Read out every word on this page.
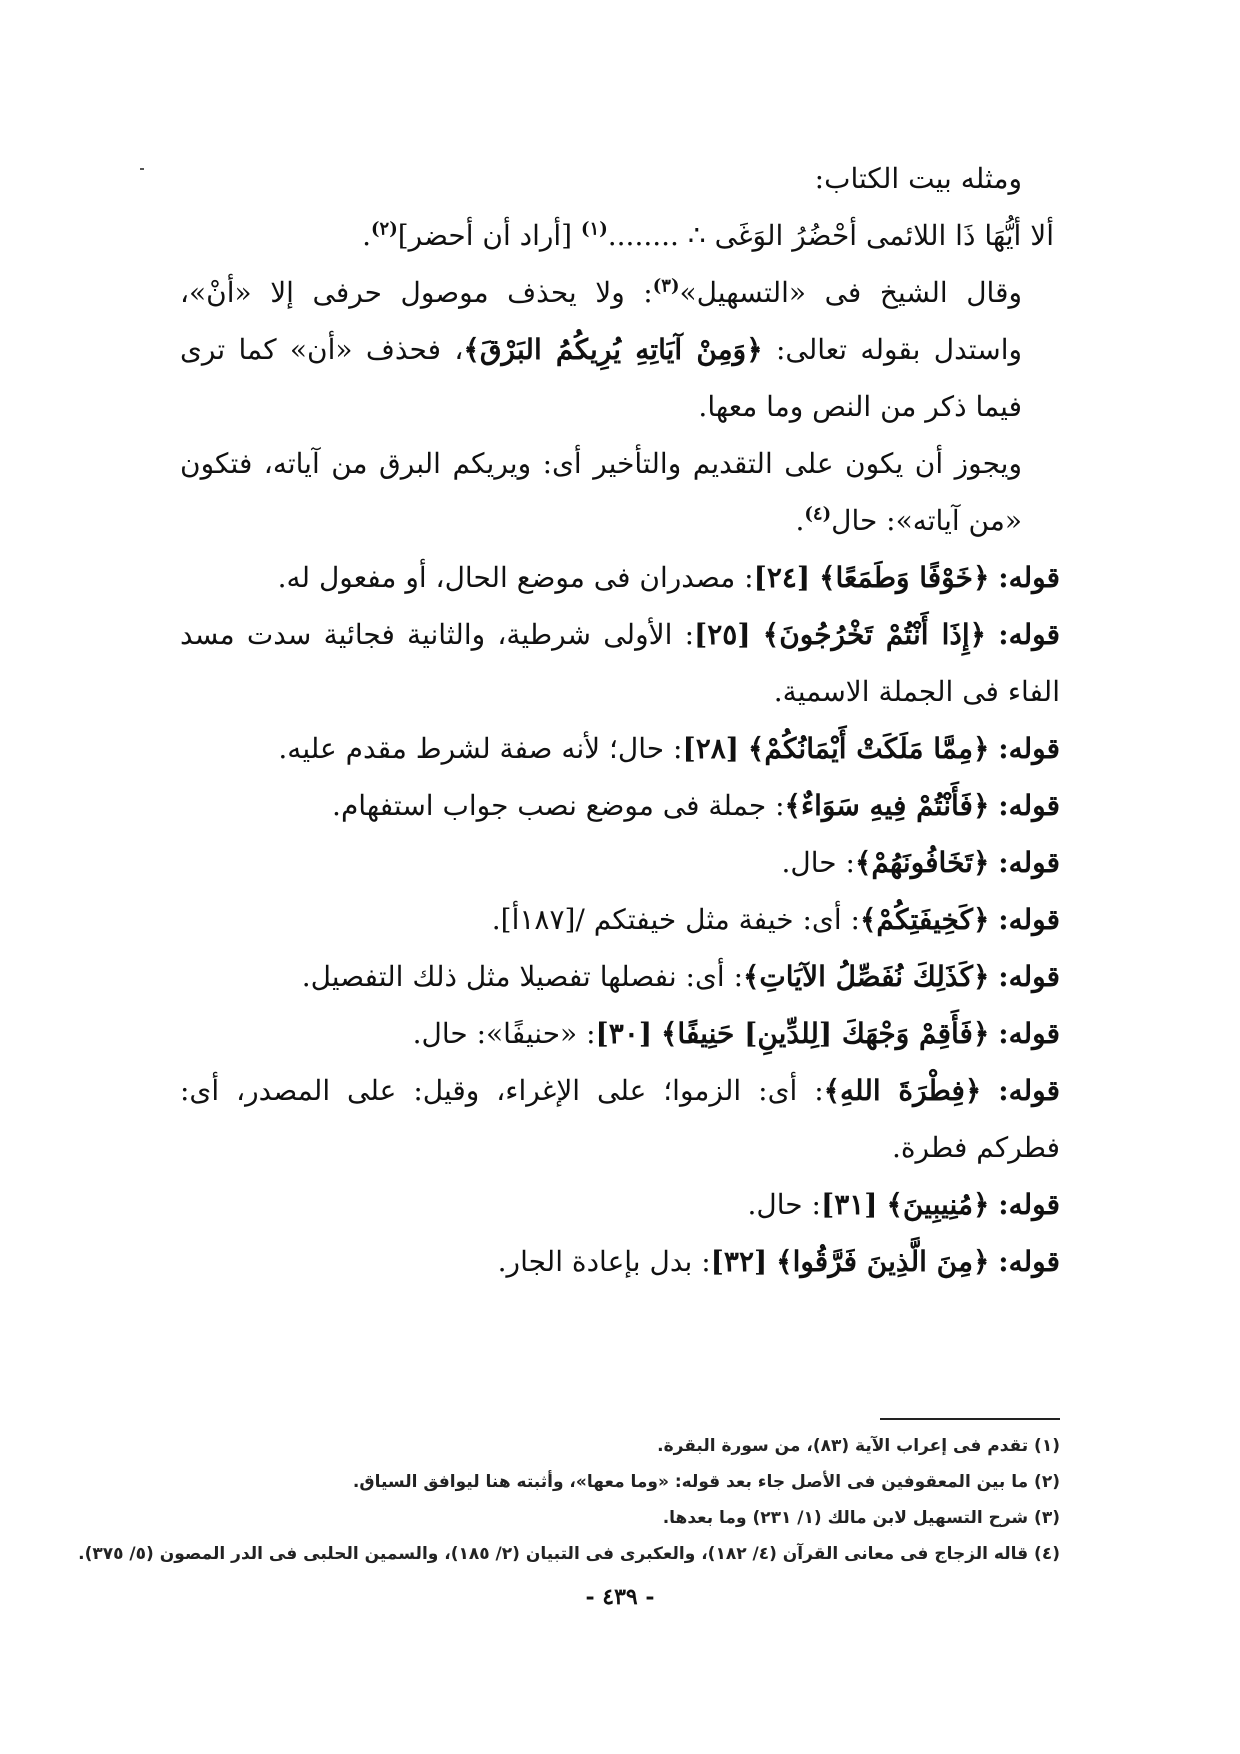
ومثله بيت الكتاب:

ألا أيُّهَا ذَا اللائمى أحْضُرُ الوَغَى ∴ ........$^{(١)}$ [أراد أن أحضر]$^{(٢)}$.

وقال الشيخ فى «التسهيل»$^{(٣)}$: ولا يحذف موصول حرفى إلا «أنْ»، واستدل بقوله تعالى: ﴿وَمِنْ آيَاتِهِ يُرِيكُمُ البَرْقَ﴾، فحذف «أن» كما ترى فيما ذكر من النص وما معها.

ويجوز أن يكون على التقديم والتأخير أى: ويريكم البرق من آياته، فتكون «من آياته»: حال$^{(٤)}$.

قوله: ﴿خَوْفًا وَطَمَعًا﴾ [٢٤]: مصدران فى موضع الحال، أو مفعول له.

قوله: ﴿إِذَا أَنْتُمْ تَخْرُجُونَ﴾ [٢٥]: الأولى شرطية، والثانية فجائية سدت مسد الفاء فى الجملة الاسمية.

قوله: ﴿مِمَّا مَلَكَتْ أَيْمَانُكُمْ﴾ [٢٨]: حال؛ لأنه صفة لشرط مقدم عليه.

قوله: ﴿فَأَنْتُمْ فِيهِ سَوَاءٌ﴾: جملة فى موضع نصب جواب استفهام.

قوله: ﴿تَخَافُونَهُمْ﴾: حال.

قوله: ﴿كَخِيفَتِكُمْ﴾: أى: خيفة مثل خيفتكم /[١٨٧أ].

قوله: ﴿كَذَلِكَ نُفَصِّلُ الآيَاتِ﴾: أى: نفصلها تفصيلا مثل ذلك التفصيل.

قوله: ﴿فَأَقِمْ وَجْهَكَ [لِلدِّينِ] حَنِيفًا﴾ [٣٠]: «حنيفًا»: حال.

قوله: ﴿فِطْرَةَ اللهِ﴾: أى: الزموا؛ على الإغراء، وقيل: على المصدر، أى: فطركم فطرة.

قوله: ﴿مُنِيبِينَ﴾ [٣١]: حال.

قوله: ﴿مِنَ الَّذِينَ فَرَّقُوا﴾ [٣٢]: بدل بإعادة الجار.

(١) تقدم فى إعراب الآية (٨٣)، من سورة البقرة.
(٢) ما بين المعقوفين فى الأصل جاء بعد قوله: «وما معها»، وأثبته هنا ليوافق السياق.
(٣) شرح التسهيل لابن مالك (١/ ٢٣١) وما بعدها.
(٤) قاله الزجاج فى معانى القرآن (٤/ ١٨٢)، والعكبرى فى التبيان (٢/ ١٨٥)، والسمين الحلبى فى الدر المصون (٥/ ٣٧٥).
- ٤٣٩ -
